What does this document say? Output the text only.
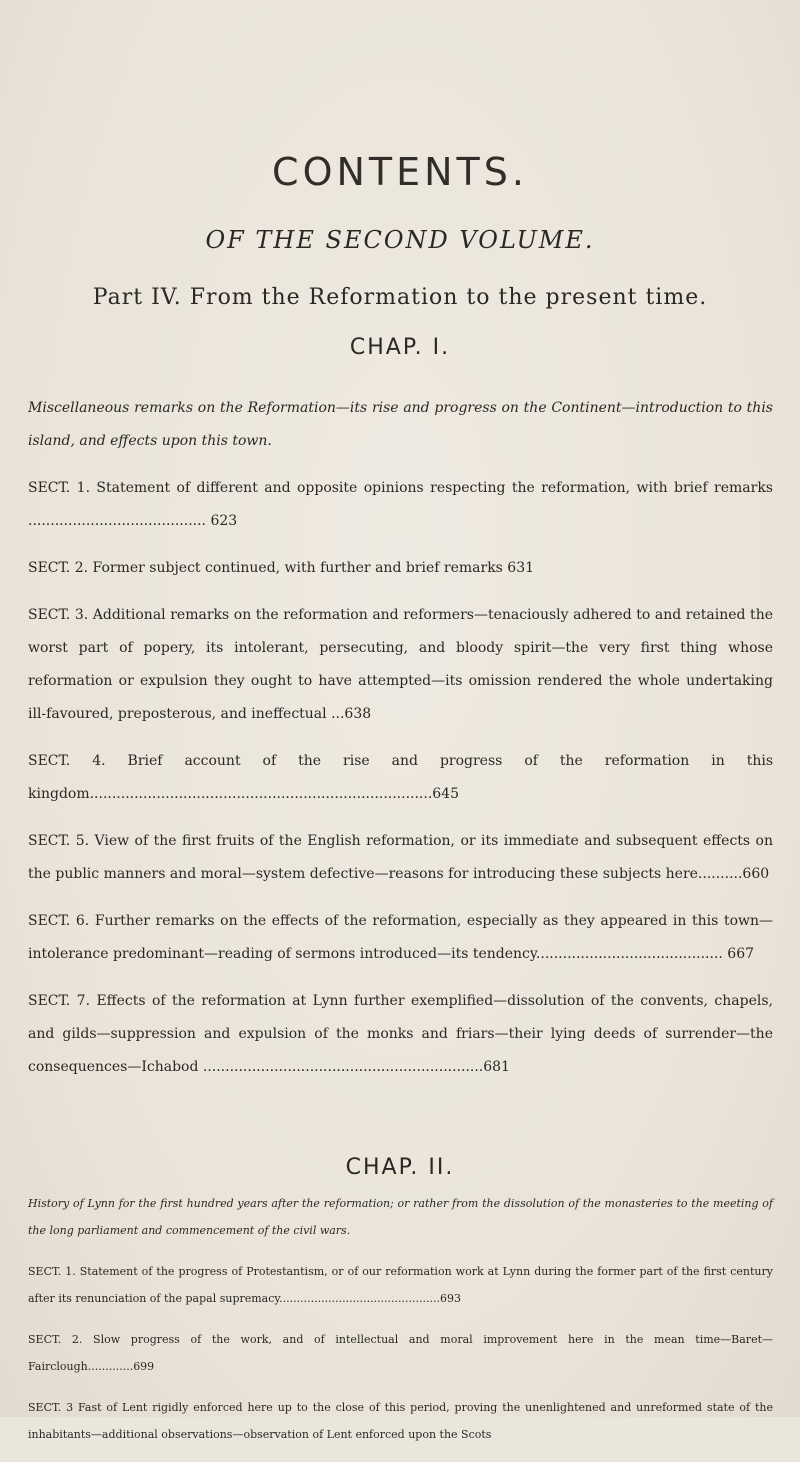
CONTENTS.
OF THE SECOND VOLUME.
Part IV. From the Reformation to the present time.
CHAP. I.
Miscellaneous remarks on the Reformation—its rise and progress on the Continent—introduction to this island, and effects upon this town.
SECT. 1. Statement of different and opposite opinions respecting the reformation, with brief remarks ........................................ 623
SECT. 2. Former subject continued, with further and brief remarks 631
SECT. 3. Additional remarks on the reformation and reformers—tenaciously adhered to and retained the worst part of popery, its intolerant, persecuting, and bloody spirit—the very first thing whose reformation or expulsion they ought to have attempted—its omission rendered the whole undertaking ill-favoured, preposterous, and ineffectual ...638
SECT. 4. Brief account of the rise and progress of the reformation in this kingdom.............................................................................645
SECT. 5. View of the first fruits of the English reformation, or its immediate and subsequent effects on the public manners and moral—system defective—reasons for introducing these subjects here..........660
SECT. 6. Further remarks on the effects of the reformation, especially as they appeared in this town—intolerance predominant—reading of sermons introduced—its tendency.......................................... 667
SECT. 7. Effects of the reformation at Lynn further exemplified—dissolution of the convents, chapels, and gilds—suppression and expulsion of the monks and friars—their lying deeds of surrender—the consequences—Ichabod ...............................................................681
CHAP. II.
History of Lynn for the first hundred years after the reformation; or rather from the dissolution of the monasteries to the meeting of the long parliament and commencement of the civil wars.
SECT. 1. Statement of the progress of Protestantism, or of our reformation work at Lynn during the former part of the first century after its renunciation of the papal supremacy..............................................693
SECT. 2. Slow progress of the work, and of intellectual and moral improvement here in the mean time—Baret—Fairclough.............699
SECT. 3 Fast of Lent rigidly enforced here up to the close of this period, proving the unenlightened and unreformed state of the inhabitants—additional observations—observation of Lent enforced upon the Scots
